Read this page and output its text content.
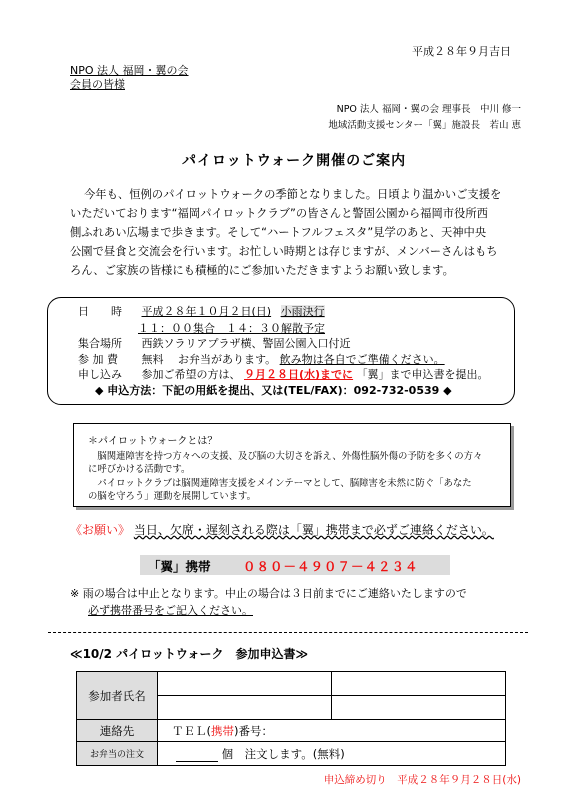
平成２８年９月吉日
NPO 法人 福岡・翼の会
会員の皆様
NPO 法人 福岡・翼の会 理事長　中川 修一
地域活動支援センター「翼」施設長　若山 恵
パイロットウォーク開催のご案内

今年も、恒例のパイロットウォークの季節となりました。日頃より温かいご支援を

いただいております“福岡パイロットクラブ”の皆さんと警固公園から福岡市役所西

側ふれあい広場まで歩きます。そして“ハートフルフェスタ”見学のあと、天神中央

公園で昼食と交流会を行います。お忙しい時期とは存じますが、メンバーさんはもち

ろん、ご家族の皆様にも積極的にご参加いただきますようお願い致します。

日　　時 平成２８年１０月２日(日) 小雨決行
１１：００集合　１４：３０解散予定
集合場所 西鉄ソラリアプラザ横、警固公園入口付近
参 加 費 無料　 お弁当があります。 飲み物は各自でご準備ください。
申し込み 参加ご希望の方は、 ９月２８日(水)までに 「翼」まで申込書を提出。
◆ 申込方法：下記の用紙を提出、又は(TEL/FAX)：092-732-0539 ◆
＊パイロットウォークとは？
　脳関連障害を持つ方々への支援、及び脳の大切さを訴え、外傷性脳外傷の予防を多くの方々
に呼びかける活動です。
　パイロットクラブは脳関連障害支援をメインテーマとして、脳障害を未然に防ぐ「あなた
の脳を守ろう」運動を展開しています。
《お願い》 当日、欠席・遅刻される際は「翼」携帯まで必ずご連絡ください。
「翼」携帯	０８０－４９０７－４２３４
※ 雨の場合は中止となります。中止の場合は３日前までにご連絡いたしますので
必ず携帯番号をご記入ください。
≪10/2 パイロットウォーク　参加申込書≫
参加者氏名		

連絡先	ＴＥＬ(携帯)番号：	
お弁当の注文	個　注文します。(無料)	
申込締め切り　平成２８年９月２８日(水)
